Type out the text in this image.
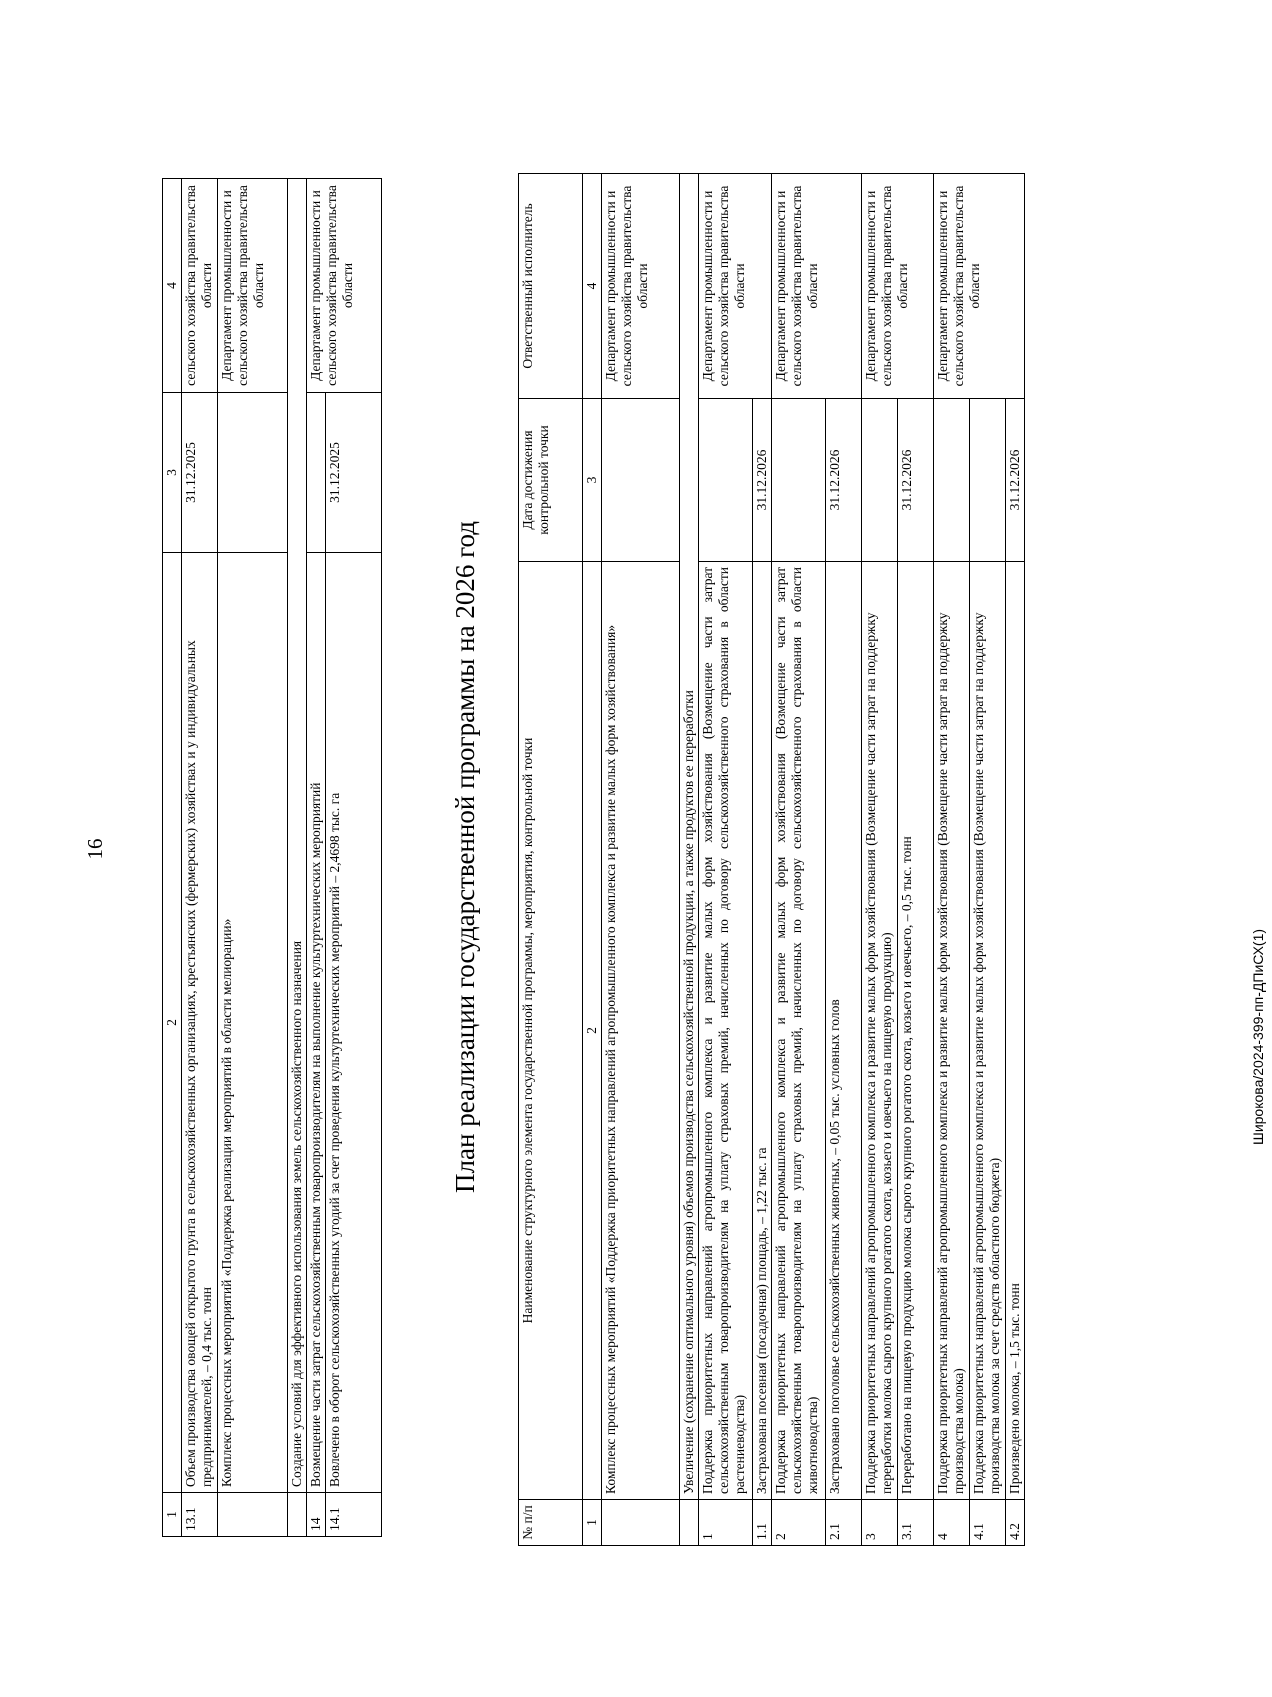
16
1	2	3	4
13.1	Объем производства овощей открытого грунта в сельскохозяйственных организациях, крестьянских (фермерских) хозяйствах и у индивидуальных предпринимателей, – 0,4 тыс. тонн	31.12.2025	сельского хозяйства правительства области
	Комплекс процессных мероприятий «Поддержка реализации мероприятий в области мелиорации»		Департамент промышленности и сельского хозяйства правительства области
	Создание условий для эффективного использования земель сельскохозяйственного назначения		
14	Возмещение части затрат сельскохозяйственным товаропроизводителям на выполнение культуртехнических мероприятий		Департамент промышленности и сельского хозяйства правительства области
14.1	Вовлечено в оборот сельскохозяйственных угодий за счет проведения культуртехнических мероприятий – 2,4698 тыс. га	31.12.2025	
План реализации государственной программы на 2026 год
№ п/п	Наименование структурного элемента государственной программы, мероприятия, контрольной точки	Дата достижения контрольной точки	Ответственный исполнитель
1	2	3	4
	Комплекс процессных мероприятий «Поддержка приоритетных направлений агропромышленного комплекса и развитие малых форм хозяйствования»		Департамент промышленности и сельского хозяйства правительства области
	Увеличение (сохранение оптимального уровня) объемов производства сельскохозяйственной продукции, а также продуктов ее переработки		
1	Поддержка приоритетных направлений агропромышленного комплекса и развитие малых форм хозяйствования (Возмещение части затрат сельскохозяйственным товаропроизводителям на уплату страховых премий, начисленных по договору сельскохозяйственного страхования в области растениеводства)		Департамент промышленности и сельского хозяйства правительства области
1.1	Застрахована посевная (посадочная) площадь, – 1,22 тыс. га	31.12.2026	
2	Поддержка приоритетных направлений агропромышленного комплекса и развитие малых форм хозяйствования (Возмещение части затрат сельскохозяйственным товаропроизводителям на уплату страховых премий, начисленных по договору сельскохозяйственного страхования в области животноводства)		Департамент промышленности и сельского хозяйства правительства области
2.1	Застраховано поголовье сельскохозяйственных животных, – 0,05 тыс. условных голов	31.12.2026	
3	Поддержка приоритетных направлений агропромышленного комплекса и развитие малых форм хозяйствования (Возмещение части затрат на поддержку переработки молока сырого крупного рогатого скота, козьего и овечьего на пищевую продукцию)		Департамент промышленности и сельского хозяйства правительства области
3.1	Переработано на пищевую продукцию молока сырого крупного рогатого скота, козьего и овечьего, – 0,5 тыс. тонн	31.12.2026	
4	Поддержка приоритетных направлений агропромышленного комплекса и развитие малых форм хозяйствования (Возмещение части затрат на поддержку производства молока)		Департамент промышленности и сельского хозяйства правительства области
4.1	Поддержка приоритетных направлений агропромышленного комплекса и развитие малых форм хозяйствования (Возмещение части затрат на поддержку производства молока за счет средств областного бюджета)		
4.2	Произведено молока, – 1,5 тыс. тонн	31.12.2026	
Широкова/2024-399-пп-ДПиСХ(1)
